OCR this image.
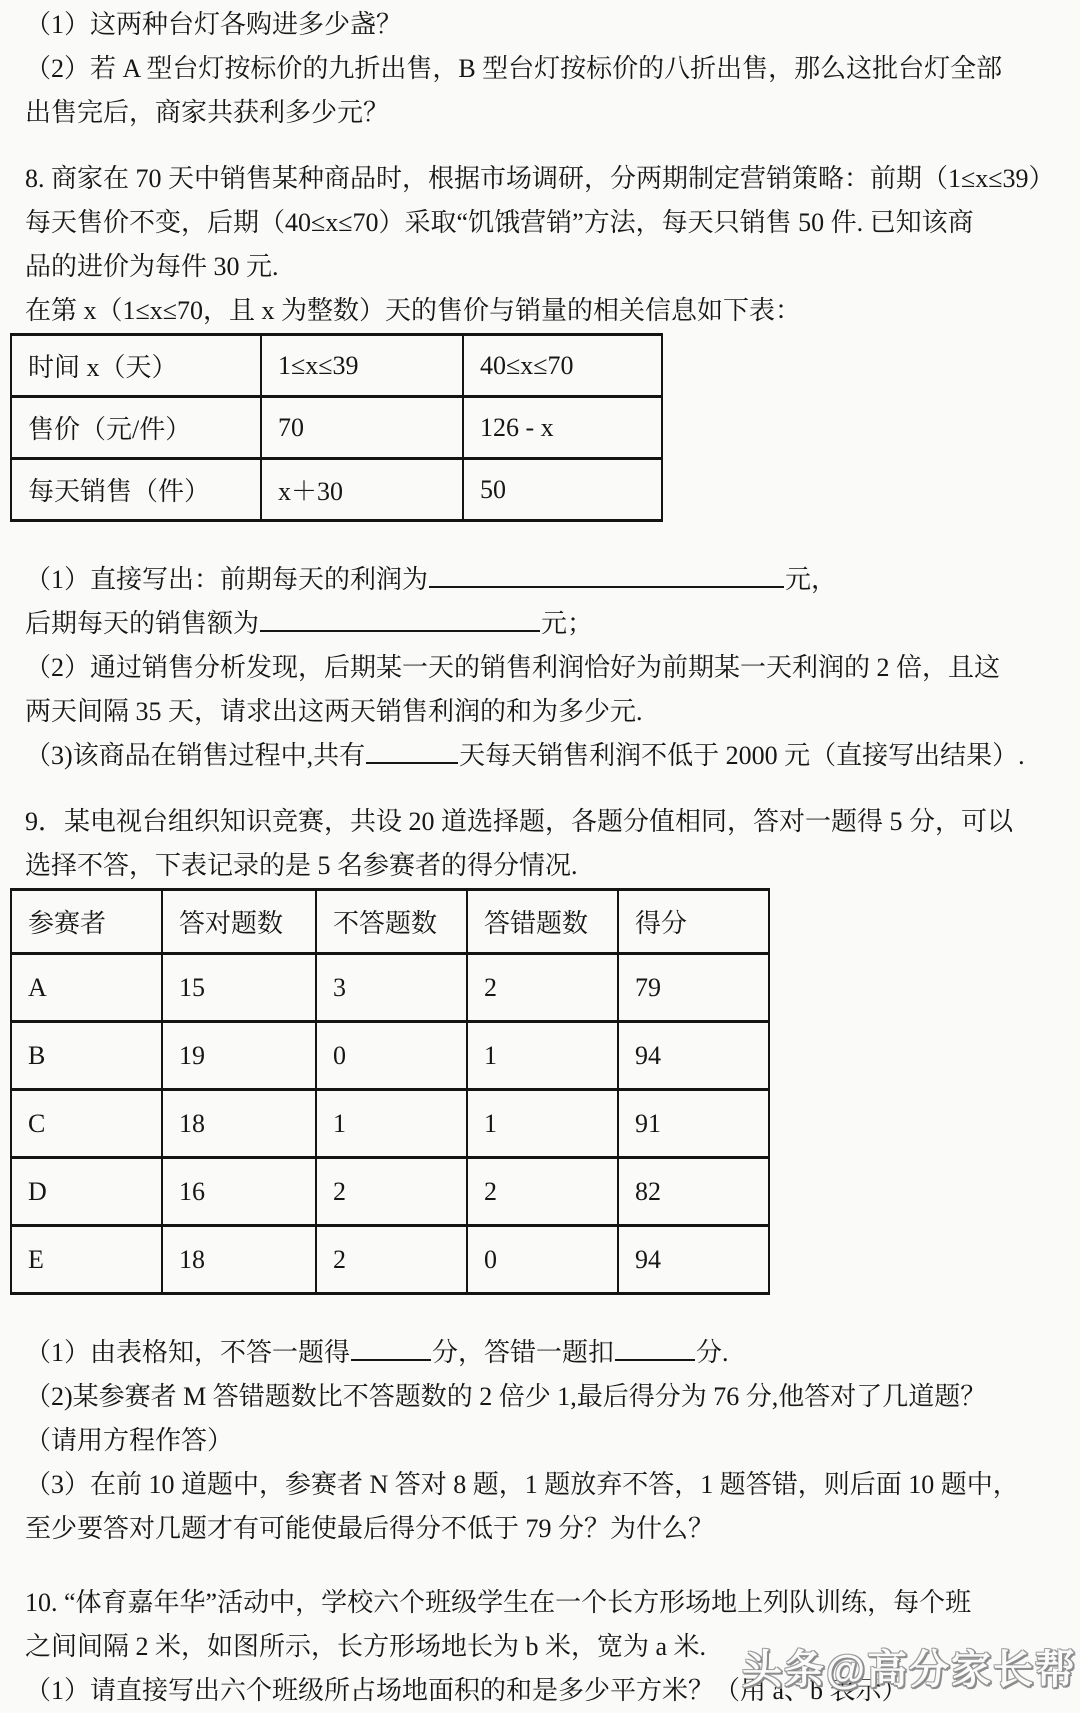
（1）这两种台灯各购进多少盏？
（2）若 A 型台灯按标价的九折出售，B 型台灯按标价的八折出售，那么这批台灯全部
出售完后，商家共获利多少元？
8. 商家在 70 天中销售某种商品时，根据市场调研，分两期制定营销策略：前期（1≤x≤39）
每天售价不变，后期（40≤x≤70）采取“饥饿营销”方法，每天只销售 50 件. 已知该商
品的进价为每件 30 元.
在第 x（1≤x≤70，且 x 为整数）天的售价与销量的相关信息如下表：
时间 x（天）	1≤x≤39	40≤x≤70
售价（元/件）	70	126 - x
每天销售（件）	x＋30	50
（1）直接写出：前期每天的利润为	元，
后期每天的销售额为	元；
（2）通过销售分析发现，后期某一天的销售利润恰好为前期某一天利润的 2 倍，且这
两天间隔 35 天，请求出这两天销售利润的和为多少元.
（3)该商品在销售过程中,共有	天每天销售利润不低于 2000 元（直接写出结果）.
9．某电视台组织知识竞赛，共设 20 道选择题，各题分值相同，答对一题得 5 分，可以
选择不答，下表记录的是 5 名参赛者的得分情况.
参赛者	答对题数	不答题数	答错题数	得分
A	15	3	2	79
B	19	0	1	94
C	18	1	1	91
D	16	2	2	82
E	18	2	0	94
（1）由表格知，不答一题得	分，答错一题扣	分.
（2)某参赛者 M 答错题数比不答题数的 2 倍少 1,最后得分为 76 分,他答对了几道题？
（请用方程作答）
（3）在前 10 道题中，参赛者 N 答对 8 题，1 题放弃不答，1 题答错，则后面 10 题中，
至少要答对几题才有可能使最后得分不低于 79 分？为什么？
10. “体育嘉年华”活动中，学校六个班级学生在一个长方形场地上列队训练，每个班
之间间隔 2 米，如图所示，长方形场地长为 b 米，宽为 a 米.
（1）请直接写出六个班级所占场地面积的和是多少平方米？（用 a、b 表示）
头条@高分家长帮
